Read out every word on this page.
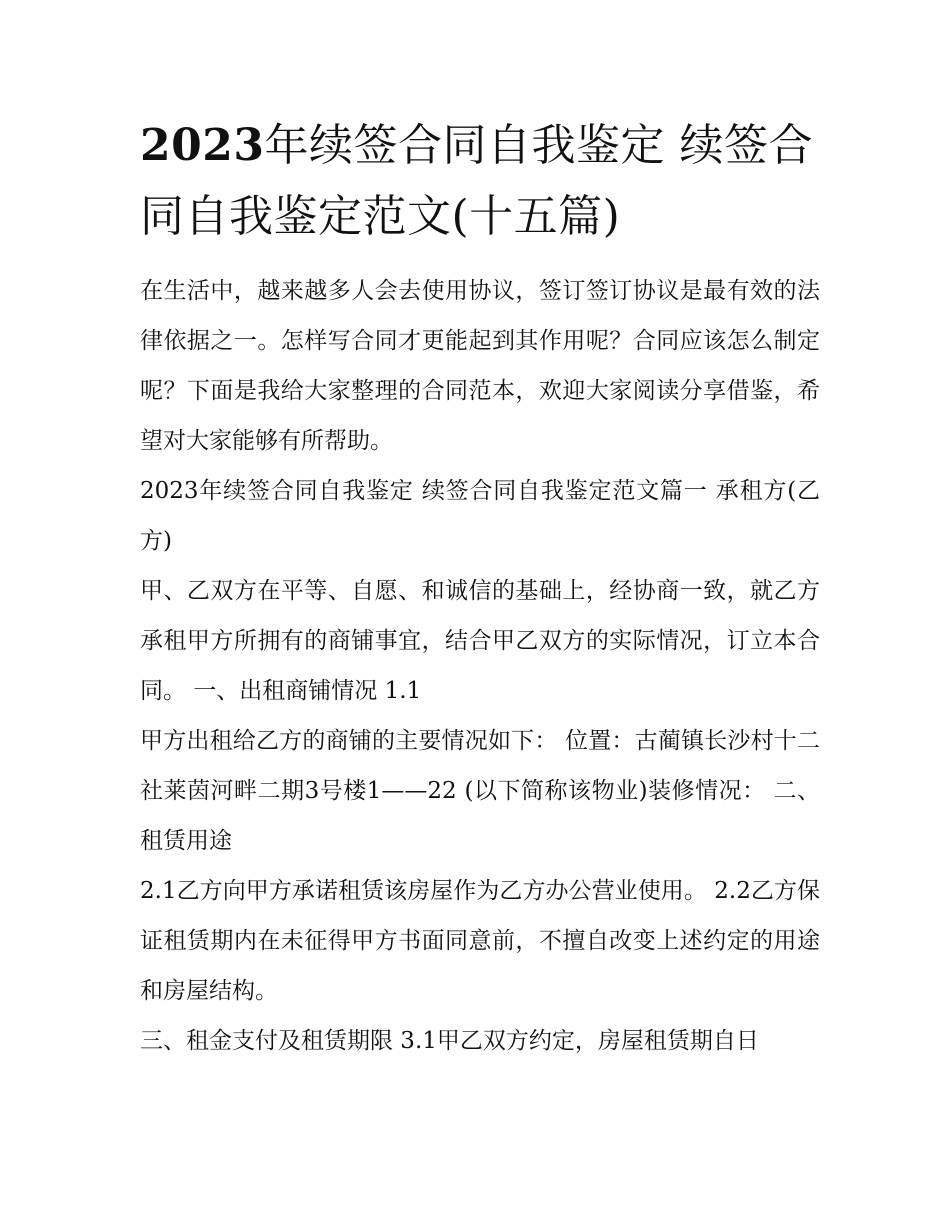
2023年续签合同自我鉴定 续签合同自我鉴定范文(十五篇)

在生活中，越来越多人会去使用协议，签订签订协议是最有效的法律依据之一。怎样写合同才更能起到其作用呢？合同应该怎么制定呢？下面是我给大家整理的合同范本，欢迎大家阅读分享借鉴，希望对大家能够有所帮助。

2023年续签合同自我鉴定 续签合同自我鉴定范文篇一 承租方(乙方)

甲、乙双方在平等、自愿、和诚信的基础上，经协商一致，就乙方承租甲方所拥有的商铺事宜，结合甲乙双方的实际情况，订立本合同。 一、出租商铺情况 1.1

甲方出租给乙方的商铺的主要情况如下： 位置：古蔺镇长沙村十二社莱茵河畔二期3号楼1——22 (以下简称该物业)装修情况： 二、租赁用途

2.1乙方向甲方承诺租赁该房屋作为乙方办公营业使用。 2.2乙方保证租赁期内在未征得甲方书面同意前，不擅自改变上述约定的用途和房屋结构。

三、租金支付及租赁期限 3.1甲乙双方约定，房屋租赁期自日
